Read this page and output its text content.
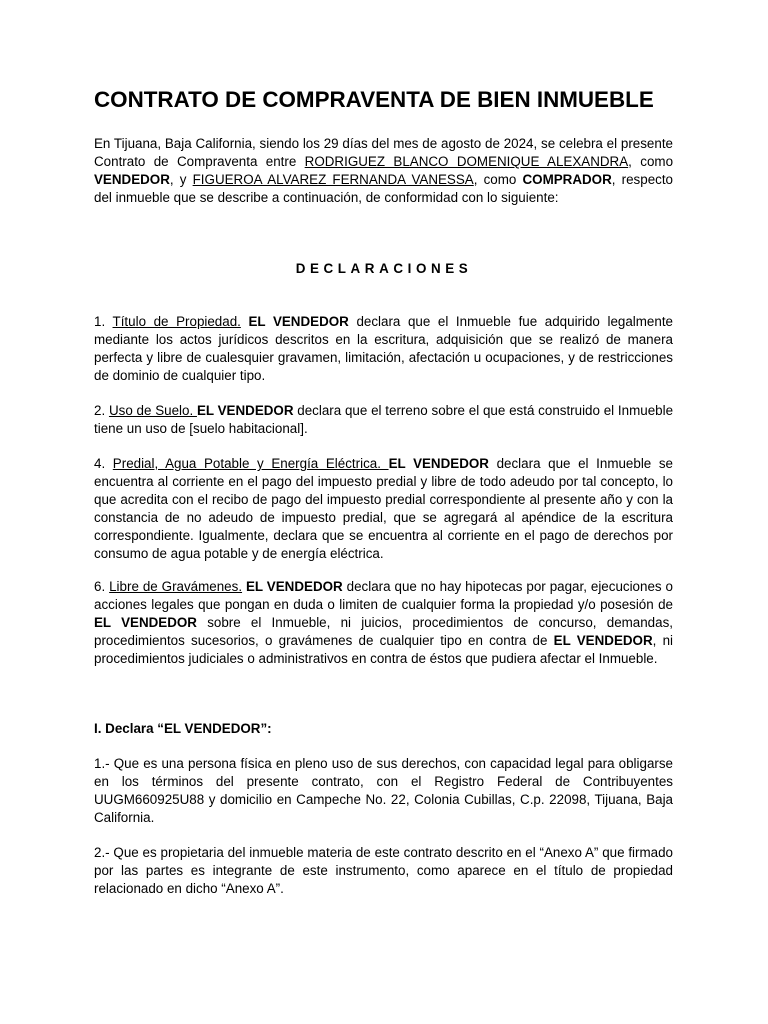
CONTRATO DE COMPRAVENTA DE BIEN INMUEBLE

En Tijuana, Baja California, siendo los 29 días del mes de agosto de 2024, se celebra el presente Contrato de Compraventa entre RODRIGUEZ BLANCO DOMENIQUE ALEXANDRA, como VENDEDOR, y FIGUEROA ALVAREZ FERNANDA VANESSA, como COMPRADOR, respecto del inmueble que se describe a continuación, de conformidad con lo siguiente:

DECLARACIONES

1. Título de Propiedad. EL VENDEDOR declara que el Inmueble fue adquirido legalmente mediante los actos jurídicos descritos en la escritura, adquisición que se realizó de manera perfecta y libre de cualesquier gravamen, limitación, afectación u ocupaciones, y de restricciones de dominio de cualquier tipo.

2. Uso de Suelo. EL VENDEDOR declara que el terreno sobre el que está construido el Inmueble tiene un uso de [suelo habitacional].

4. Predial, Agua Potable y Energía Eléctrica. EL VENDEDOR declara que el Inmueble se encuentra al corriente en el pago del impuesto predial y libre de todo adeudo por tal concepto, lo que acredita con el recibo de pago del impuesto predial correspondiente al presente año y con la constancia de no adeudo de impuesto predial, que se agregará al apéndice de la escritura correspondiente. Igualmente, declara que se encuentra al corriente en el pago de derechos por consumo de agua potable y de energía eléctrica.

6. Libre de Gravámenes. EL VENDEDOR declara que no hay hipotecas por pagar, ejecuciones o acciones legales que pongan en duda o limiten de cualquier forma la propiedad y/o posesión de EL VENDEDOR sobre el Inmueble, ni juicios, procedimientos de concurso, demandas, procedimientos sucesorios, o gravámenes de cualquier tipo en contra de EL VENDEDOR, ni procedimientos judiciales o administrativos en contra de éstos que pudiera afectar el Inmueble.

I. Declara “EL VENDEDOR”:

1.- Que es una persona física en pleno uso de sus derechos, con capacidad legal para obligarse en los términos del presente contrato, con el Registro Federal de Contribuyentes UUGM660925U88 y domicilio en Campeche No. 22, Colonia Cubillas, C.p. 22098, Tijuana, Baja California.

2.- Que es propietaria del inmueble materia de este contrato descrito en el “Anexo A” que firmado por las partes es integrante de este instrumento, como aparece en el título de propiedad relacionado en dicho “Anexo A”.
